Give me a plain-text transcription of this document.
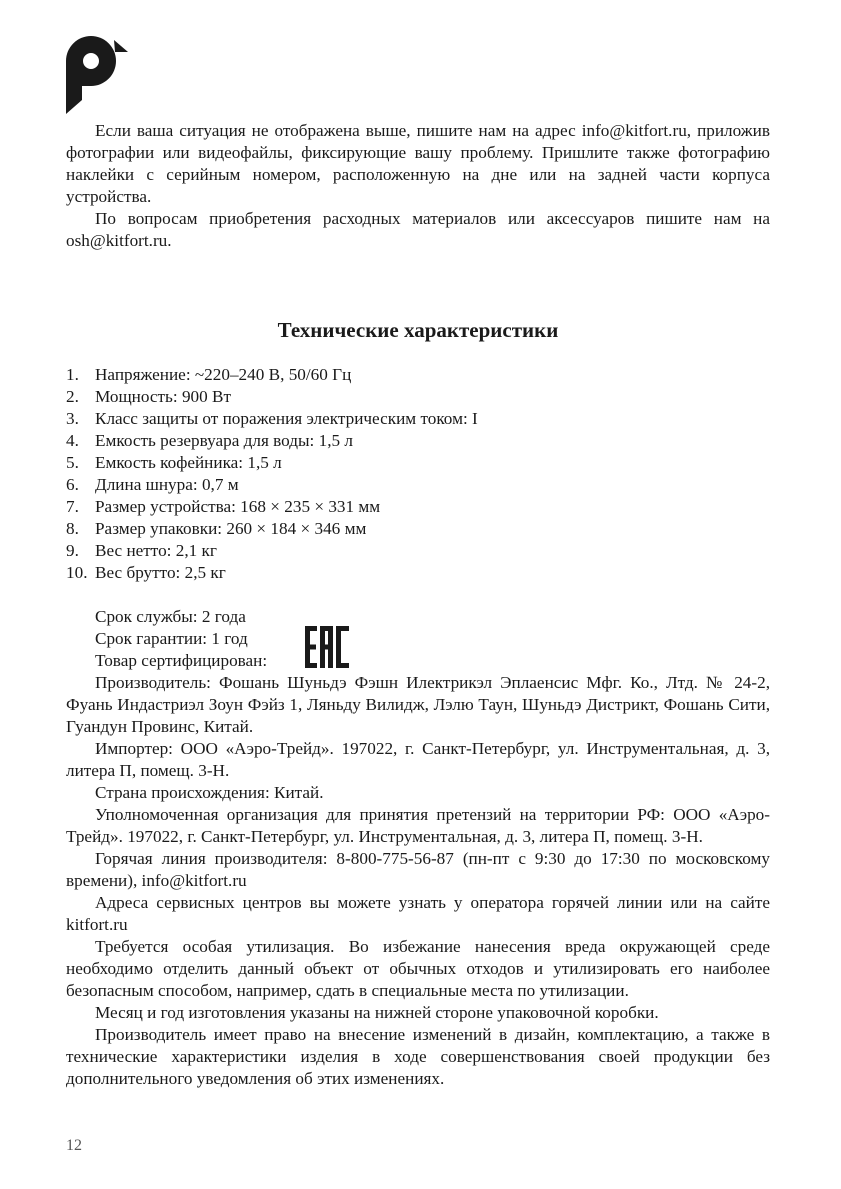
Если ваша ситуация не отображена выше, пишите нам на адрес info@kitfort.ru, приложив фотографии или видеофайлы, фиксирующие вашу проблему. Пришлите также фотографию наклейки с серийным номером, расположенную на дне или на задней части корпуса устройства.

По вопросам приобретения расходных материалов или аксессуаров пишите нам на osh@kitfort.ru.

Технические характеристики
1. Напряжение: ~220–240 В, 50/60 Гц
2. Мощность: 900 Вт
3. Класс защиты от поражения электрическим током: I
4. Емкость резервуара для воды: 1,5 л
5. Емкость кофейника: 1,5 л
6. Длина шнура: 0,7 м
7. Размер устройства: 168 × 235 × 331 мм
8. Размер упаковки: 260 × 184 × 346 мм
9. Вес нетто: 2,1 кг
10. Вес брутто: 2,5 кг
Срок службы: 2 года
Срок гарантии: 1 год
Товар сертифицирован:

Производитель: Фошань Шуньдэ Фэшн Илектрикэл Эплаенсис Мфг. Ко., Лтд. № 24-2, Фуань Индастриэл Зоун Фэйз 1, Ляньду Вилидж, Лэлю Таун, Шуньдэ Дистрикт, Фошань Сити, Гуандун Провинс, Китай.

Импортер: ООО «Аэро-Трейд». 197022, г. Санкт-Петербург, ул. Инструментальная, д. 3, литера П, помещ. 3-Н.

Страна происхождения: Китай.

Уполномоченная организация для принятия претензий на территории РФ: ООО «Аэро-Трейд». 197022, г. Санкт-Петербург, ул. Инструментальная, д. 3, литера П, помещ. 3-Н.

Горячая линия производителя: 8-800-775-56-87 (пн-пт с 9:30 до 17:30 по московскому времени), info@kitfort.ru

Адреса сервисных центров вы можете узнать у оператора горячей линии или на сайте kitfort.ru

Требуется особая утилизация. Во избежание нанесения вреда окружающей среде необходимо отделить данный объект от обычных отходов и утилизировать его наиболее безопасным способом, например, сдать в специальные места по утилизации.

Месяц и год изготовления указаны на нижней стороне упаковочной коробки.

Производитель имеет право на внесение изменений в дизайн, комплектацию, а также в технические характеристики изделия в ходе совершенствования своей продукции без дополнительного уведомления об этих изменениях.

12
